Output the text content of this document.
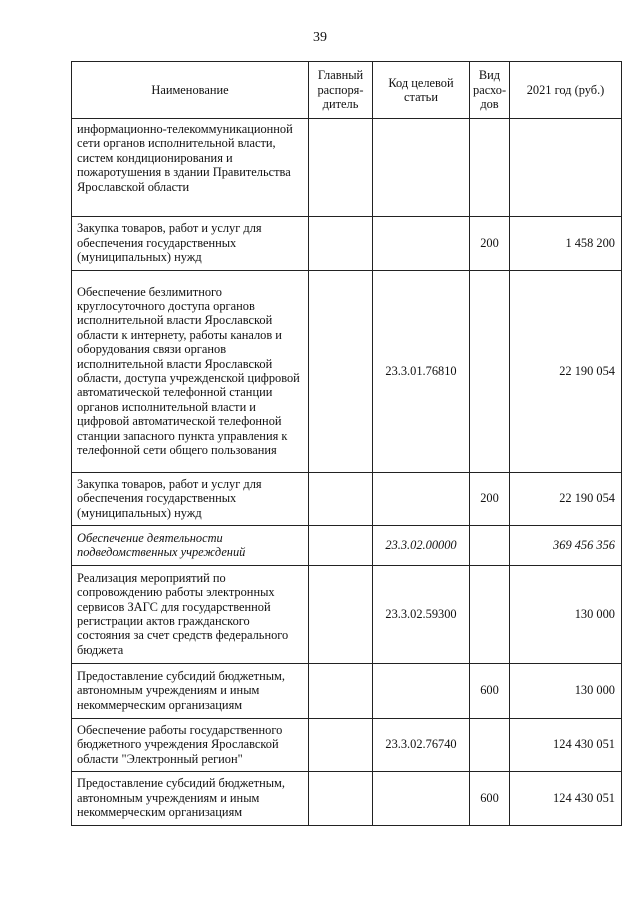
39
Наименование	Главный распоря-дитель	Код целевой статьи	Вид расхо-дов	2021 год (руб.)
информационно-телекоммуникационной сети органов исполнительной власти, систем кондиционирования и пожаротушения в здании Правительства Ярославской области				
Закупка товаров, работ и услуг для обеспечения государственных (муниципальных) нужд			200	1 458 200
Обеспечение безлимитного круглосуточного доступа органов исполнительной власти Ярославской области к интернету, работы каналов и оборудования связи органов исполнительной власти Ярославской области, доступа учрежденской цифровой автоматической телефонной станции органов исполнительной власти и цифровой автоматической телефонной станции запасного пункта управления к телефонной сети общего пользования		23.3.01.76810		22 190 054
Закупка товаров, работ и услуг для обеспечения государственных (муниципальных) нужд			200	22 190 054
Обеспечение деятельности подведомственных учреждений		23.3.02.00000		369 456 356
Реализация мероприятий по сопровождению работы электронных сервисов ЗАГС для государственной регистрации актов гражданского состояния за счет средств федерального бюджета		23.3.02.59300		130 000
Предоставление субсидий бюджетным, автономным учреждениям и иным некоммерческим организациям			600	130 000
Обеспечение работы государственного бюджетного учреждения Ярославской области "Электронный регион"		23.3.02.76740		124 430 051
Предоставление субсидий бюджетным, автономным учреждениям и иным некоммерческим организациям			600	124 430 051
